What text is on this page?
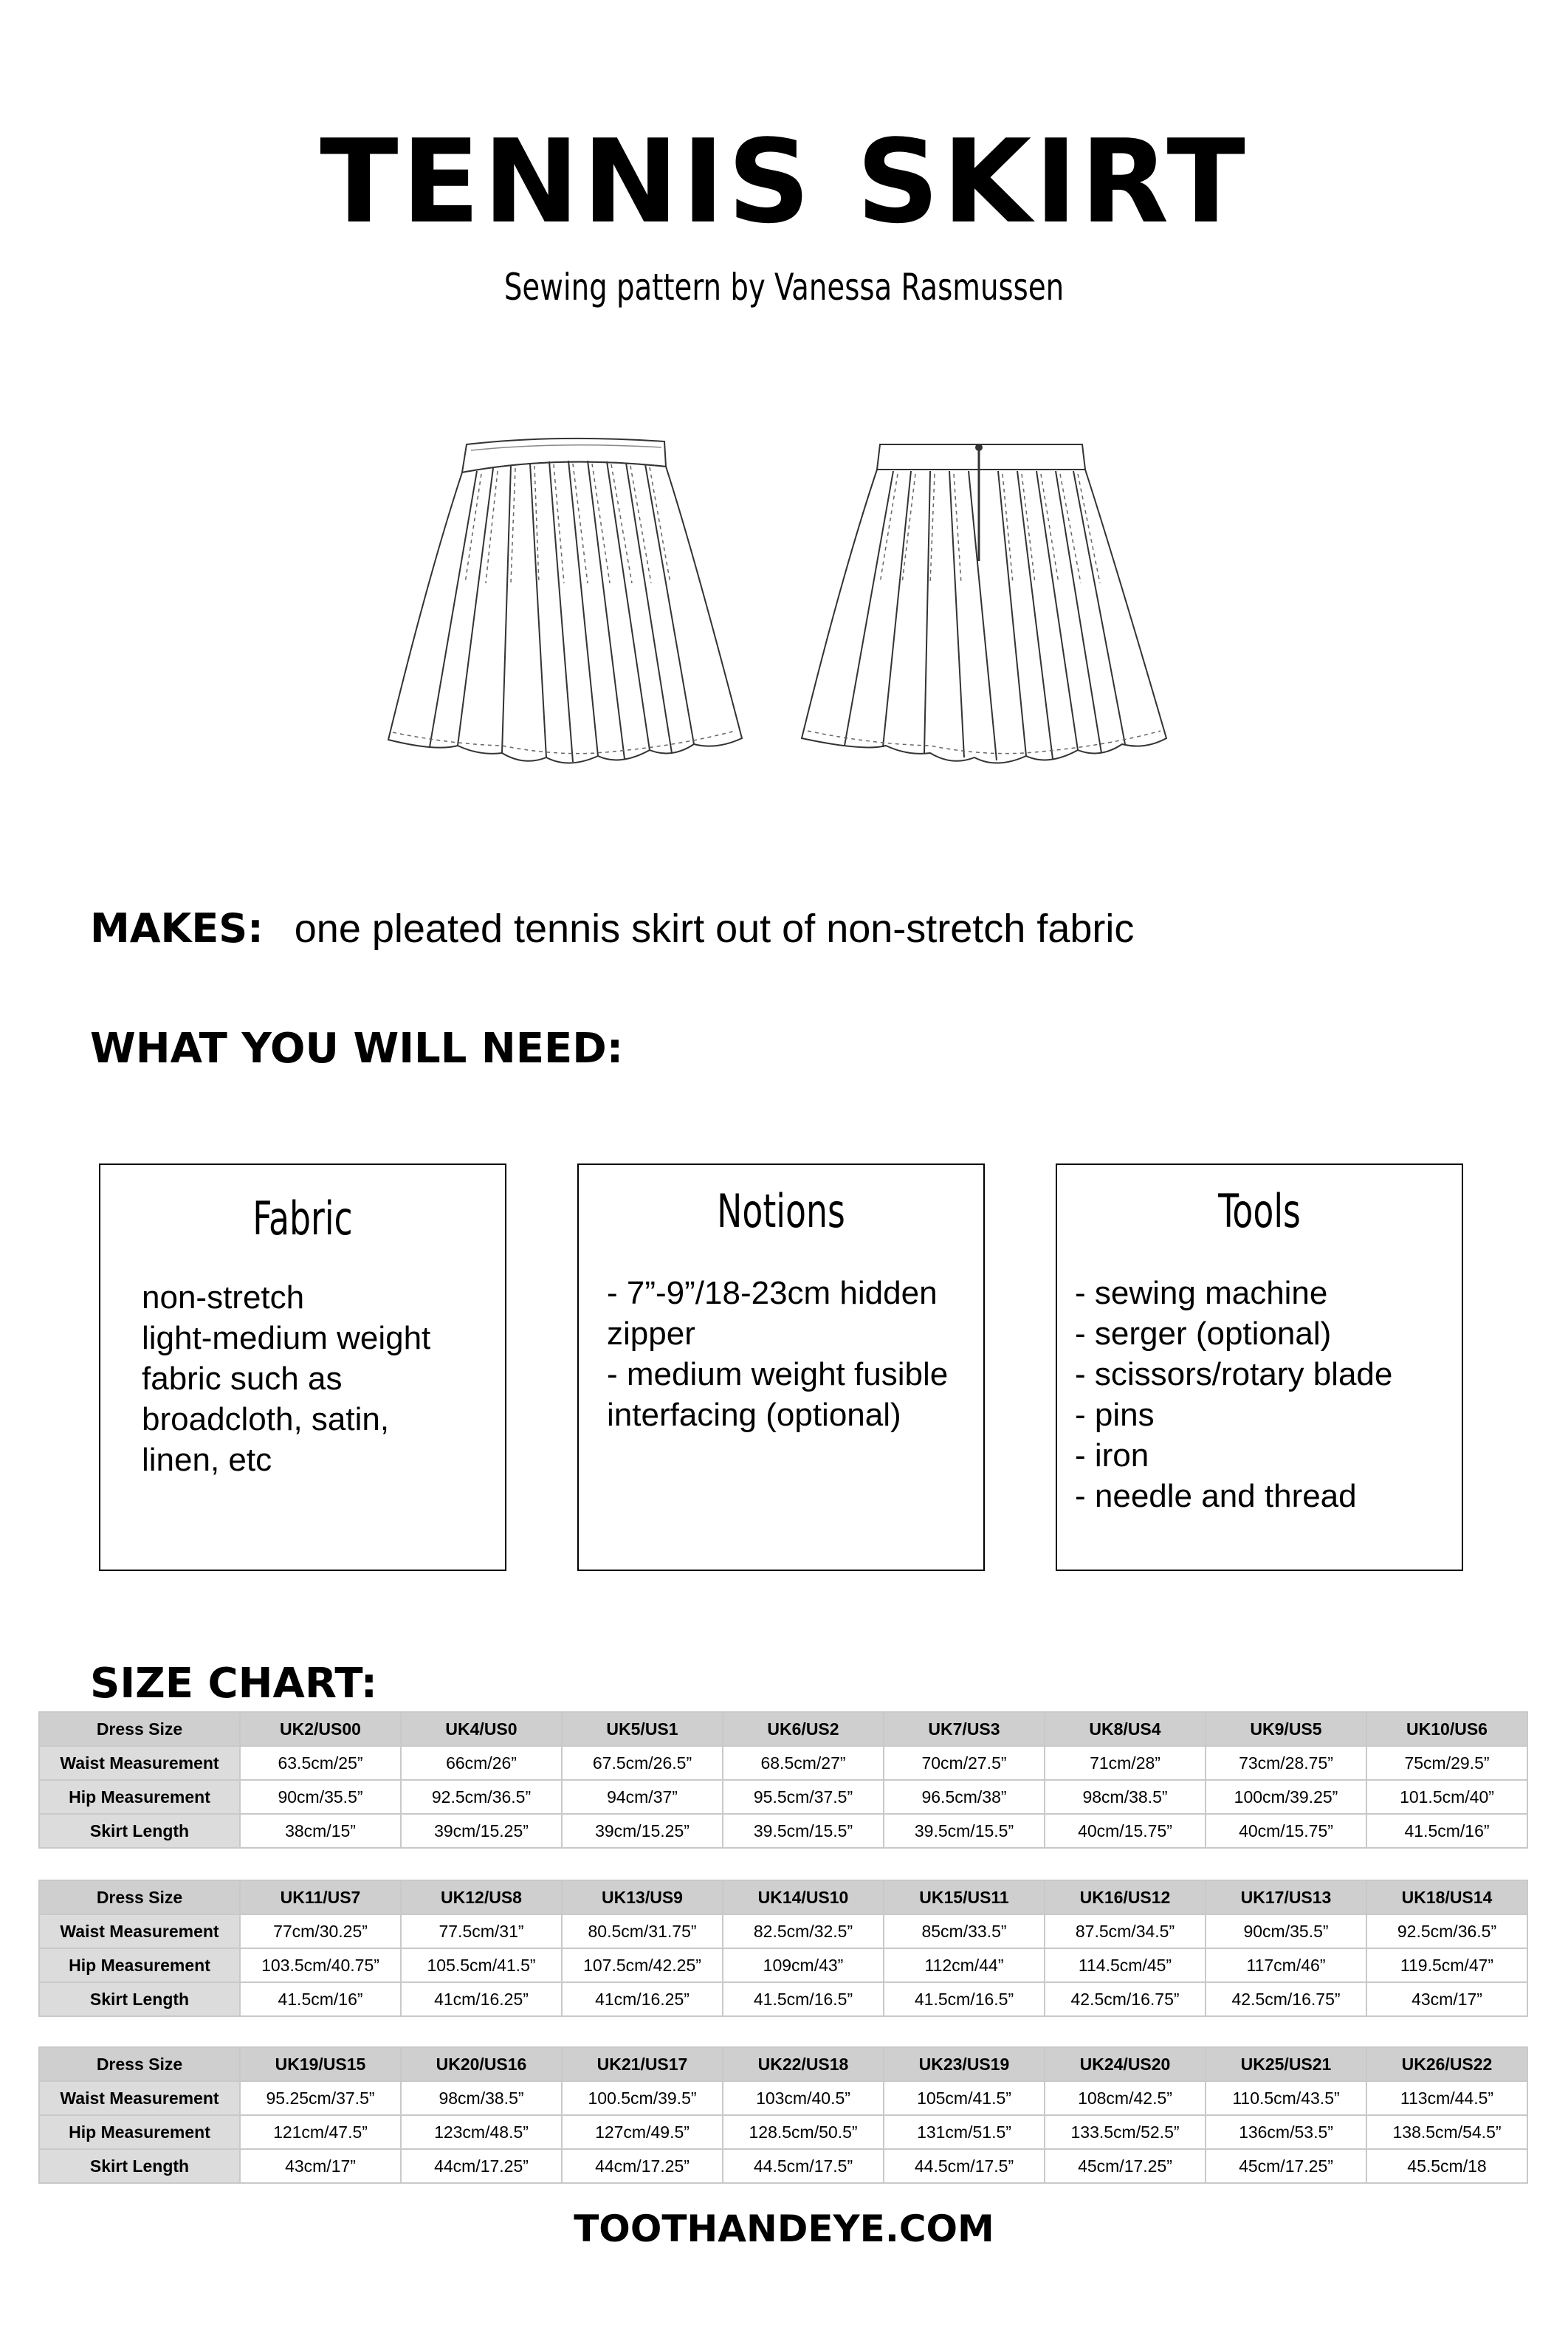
TENNIS SKIRT
Sewing pattern by Vanessa Rasmussen
MAKES: one pleated tennis skirt out of non-stretch fabric
WHAT YOU WILL NEED:
Fabric
non-stretch
light-medium weight
fabric such as
broadcloth, satin,
linen, etc
Notions
- 7”-9”/18-23cm hidden
zipper
- medium weight fusible
interfacing (optional)
Tools
- sewing machine
- serger (optional)
- scissors/rotary blade
- pins
- iron
- needle and thread
SIZE CHART:
Dress Size	UK2/US00	UK4/US0	UK5/US1	UK6/US2	UK7/US3	UK8/US4	UK9/US5	UK10/US6
Waist Measurement	63.5cm/25”	66cm/26”	67.5cm/26.5”	68.5cm/27”	70cm/27.5”	71cm/28”	73cm/28.75”	75cm/29.5”
Hip Measurement	90cm/35.5”	92.5cm/36.5”	94cm/37”	95.5cm/37.5”	96.5cm/38”	98cm/38.5”	100cm/39.25”	101.5cm/40”
Skirt Length	38cm/15”	39cm/15.25”	39cm/15.25”	39.5cm/15.5”	39.5cm/15.5”	40cm/15.75”	40cm/15.75”	41.5cm/16”
Dress Size	UK11/US7	UK12/US8	UK13/US9	UK14/US10	UK15/US11	UK16/US12	UK17/US13	UK18/US14
Waist Measurement	77cm/30.25”	77.5cm/31”	80.5cm/31.75”	82.5cm/32.5”	85cm/33.5”	87.5cm/34.5”	90cm/35.5”	92.5cm/36.5”
Hip Measurement	103.5cm/40.75”	105.5cm/41.5”	107.5cm/42.25”	109cm/43”	112cm/44”	114.5cm/45”	117cm/46”	119.5cm/47”
Skirt Length	41.5cm/16”	41cm/16.25”	41cm/16.25”	41.5cm/16.5”	41.5cm/16.5”	42.5cm/16.75”	42.5cm/16.75”	43cm/17”
Dress Size	UK19/US15	UK20/US16	UK21/US17	UK22/US18	UK23/US19	UK24/US20	UK25/US21	UK26/US22
Waist Measurement	95.25cm/37.5”	98cm/38.5”	100.5cm/39.5”	103cm/40.5”	105cm/41.5”	108cm/42.5”	110.5cm/43.5”	113cm/44.5”
Hip Measurement	121cm/47.5”	123cm/48.5”	127cm/49.5”	128.5cm/50.5”	131cm/51.5”	133.5cm/52.5”	136cm/53.5”	138.5cm/54.5”
Skirt Length	43cm/17”	44cm/17.25”	44cm/17.25”	44.5cm/17.5”	44.5cm/17.5”	45cm/17.25”	45cm/17.25”	45.5cm/18
TOOTHANDEYE.COM
